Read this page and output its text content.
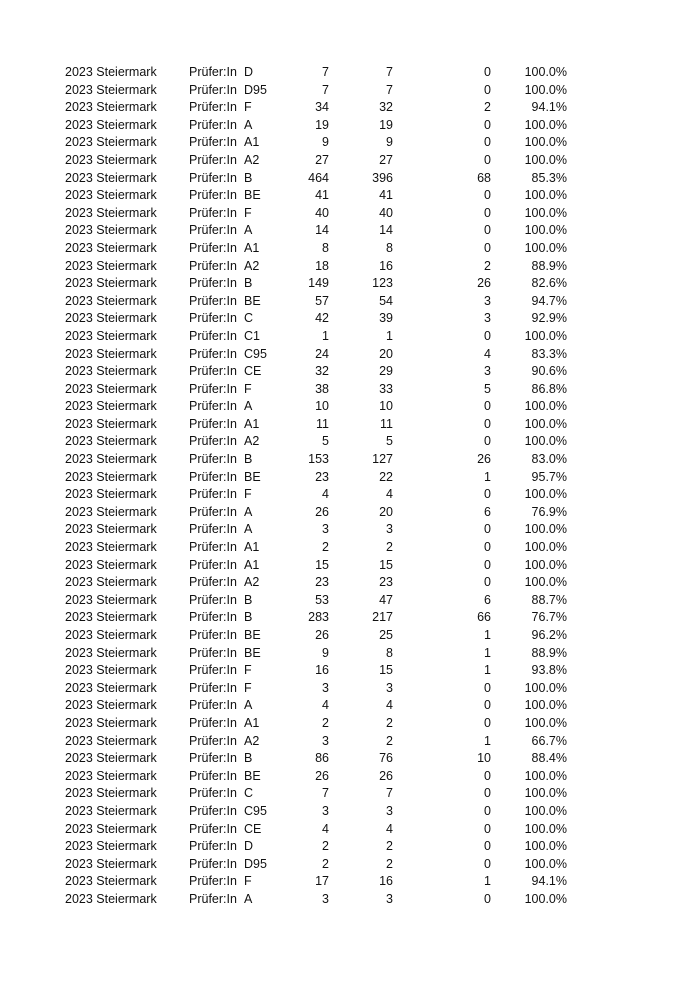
2023 Steiermark	Prüfer:In D	7	7	0	100.0%
2023 Steiermark	Prüfer:In D95	7	7	0	100.0%
2023 Steiermark	Prüfer:In F	34	32	2	94.1%
2023 Steiermark	Prüfer:In A	19	19	0	100.0%
2023 Steiermark	Prüfer:In A1	9	9	0	100.0%
2023 Steiermark	Prüfer:In A2	27	27	0	100.0%
2023 Steiermark	Prüfer:In B	464	396	68	85.3%
2023 Steiermark	Prüfer:In BE	41	41	0	100.0%
2023 Steiermark	Prüfer:In F	40	40	0	100.0%
2023 Steiermark	Prüfer:In A	14	14	0	100.0%
2023 Steiermark	Prüfer:In A1	8	8	0	100.0%
2023 Steiermark	Prüfer:In A2	18	16	2	88.9%
2023 Steiermark	Prüfer:In B	149	123	26	82.6%
2023 Steiermark	Prüfer:In BE	57	54	3	94.7%
2023 Steiermark	Prüfer:In C	42	39	3	92.9%
2023 Steiermark	Prüfer:In C1	1	1	0	100.0%
2023 Steiermark	Prüfer:In C95	24	20	4	83.3%
2023 Steiermark	Prüfer:In CE	32	29	3	90.6%
2023 Steiermark	Prüfer:In F	38	33	5	86.8%
2023 Steiermark	Prüfer:In A	10	10	0	100.0%
2023 Steiermark	Prüfer:In A1	11	11	0	100.0%
2023 Steiermark	Prüfer:In A2	5	5	0	100.0%
2023 Steiermark	Prüfer:In B	153	127	26	83.0%
2023 Steiermark	Prüfer:In BE	23	22	1	95.7%
2023 Steiermark	Prüfer:In F	4	4	0	100.0%
2023 Steiermark	Prüfer:In A	26	20	6	76.9%
2023 Steiermark	Prüfer:In A	3	3	0	100.0%
2023 Steiermark	Prüfer:In A1	2	2	0	100.0%
2023 Steiermark	Prüfer:In A1	15	15	0	100.0%
2023 Steiermark	Prüfer:In A2	23	23	0	100.0%
2023 Steiermark	Prüfer:In B	53	47	6	88.7%
2023 Steiermark	Prüfer:In B	283	217	66	76.7%
2023 Steiermark	Prüfer:In BE	26	25	1	96.2%
2023 Steiermark	Prüfer:In BE	9	8	1	88.9%
2023 Steiermark	Prüfer:In F	16	15	1	93.8%
2023 Steiermark	Prüfer:In F	3	3	0	100.0%
2023 Steiermark	Prüfer:In A	4	4	0	100.0%
2023 Steiermark	Prüfer:In A1	2	2	0	100.0%
2023 Steiermark	Prüfer:In A2	3	2	1	66.7%
2023 Steiermark	Prüfer:In B	86	76	10	88.4%
2023 Steiermark	Prüfer:In BE	26	26	0	100.0%
2023 Steiermark	Prüfer:In C	7	7	0	100.0%
2023 Steiermark	Prüfer:In C95	3	3	0	100.0%
2023 Steiermark	Prüfer:In CE	4	4	0	100.0%
2023 Steiermark	Prüfer:In D	2	2	0	100.0%
2023 Steiermark	Prüfer:In D95	2	2	0	100.0%
2023 Steiermark	Prüfer:In F	17	16	1	94.1%
2023 Steiermark	Prüfer:In A	3	3	0	100.0%
